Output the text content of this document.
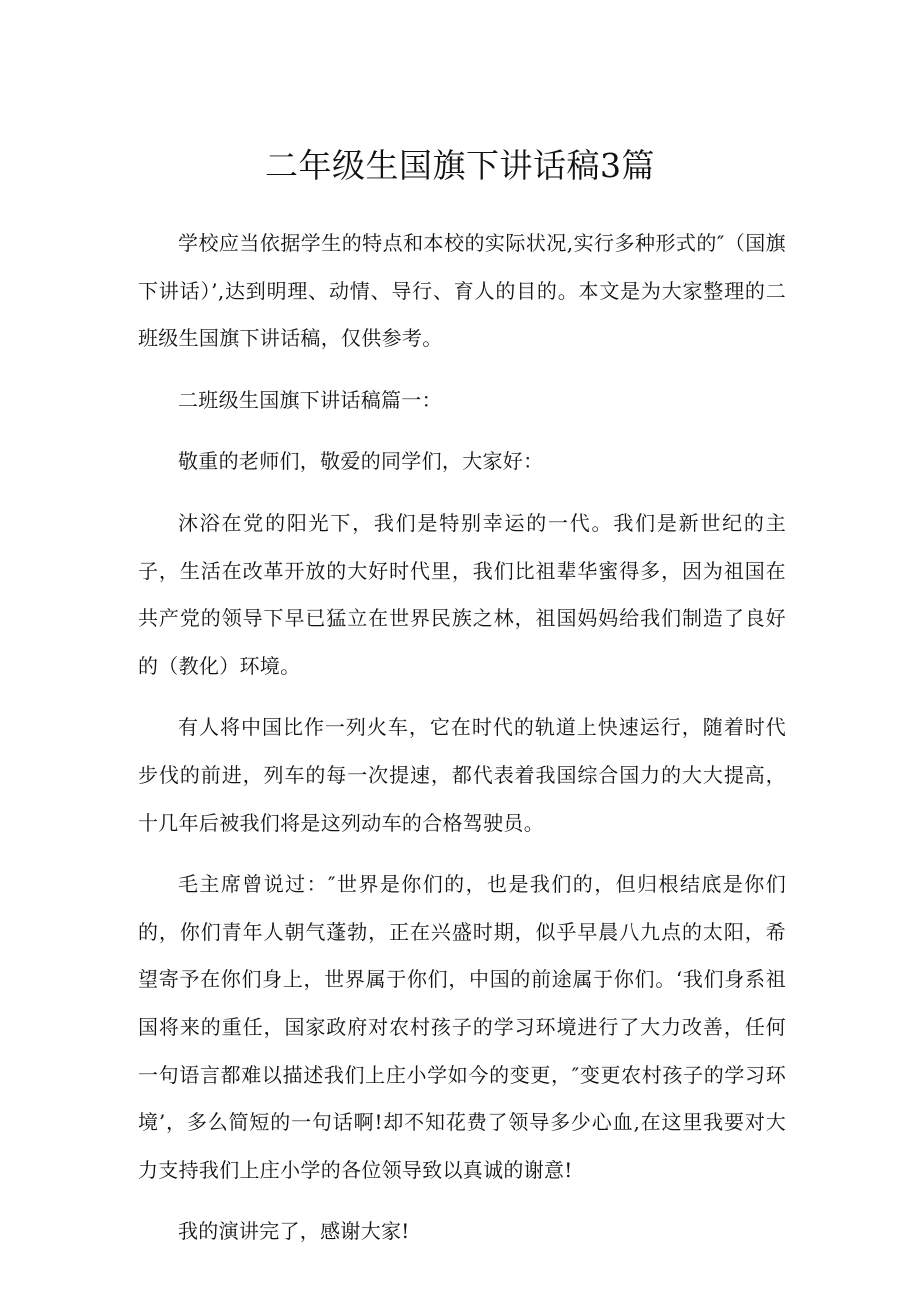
二年级生国旗下讲话稿3篇

学校应当依据学生的特点和本校的实际状况,实行多种形式的″（国旗下讲话）’,达到明理、动情、导行、育人的目的。本文是为大家整理的二班级生国旗下讲话稿，仅供参考。

二班级生国旗下讲话稿篇一：

敬重的老师们，敬爱的同学们，大家好：

沐浴在党的阳光下，我们是特别幸运的一代。我们是新世纪的主子，生活在改革开放的大好时代里，我们比祖辈华蜜得多，因为祖国在共产党的领导下早已猛立在世界民族之林，祖国妈妈给我们制造了良好的（教化）环境。

有人将中国比作一列火车，它在时代的轨道上快速运行，随着时代步伐的前进，列车的每一次提速，都代表着我国综合国力的大大提高，十几年后被我们将是这列动车的合格驾驶员。

毛主席曾说过：″世界是你们的，也是我们的，但归根结底是你们的，你们青年人朝气蓬勃，正在兴盛时期，似乎早晨八九点的太阳，希望寄予在你们身上，世界属于你们，中国的前途属于你们。‘我们身系祖国将来的重任，国家政府对农村孩子的学习环境进行了大力改善，任何一句语言都难以描述我们上庄小学如今的变更，″变更农村孩子的学习环境’，多么简短的一句话啊!却不知花费了领导多少心血,在这里我要对大力支持我们上庄小学的各位领导致以真诚的谢意!

我的演讲完了，感谢大家!
